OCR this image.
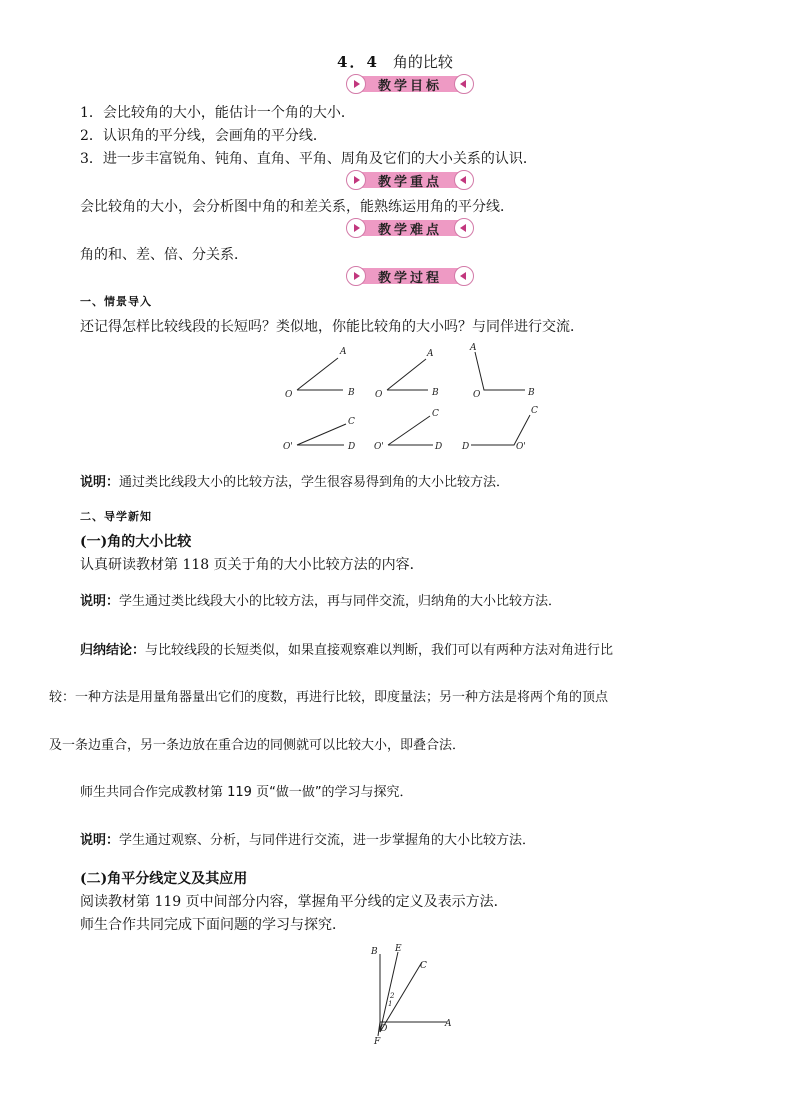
4．4 角的比较
教学目标
1．会比较角的大小，能估计一个角的大小．
2．认识角的平分线，会画角的平分线．
3．进一步丰富锐角、钝角、直角、平角、周角及它们的大小关系的认识．
教学重点
会比较角的大小，会分析图中角的和差关系，能熟练运用角的平分线．
教学难点
角的和、差、倍、分关系．
教学过程
一、情景导入
还记得怎样比较线段的长短吗？类似地，你能比较角的大小吗？与同伴进行交流．
A
B
O
A
B
O
A
B
O
C
D
O'
C
O'	D
C
D	O'
说明：通过类比线段大小的比较方法，学生很容易得到角的大小比较方法．
二、导学新知
(一)角的大小比较
认真研读教材第 118 页关于角的大小比较方法的内容．
说明：学生通过类比线段大小的比较方法，再与同伴交流，归纳角的大小比较方法．
归纳结论：与比较线段的长短类似，如果直接观察难以判断，我们可以有两种方法对角进行比
较：一种方法是用量角器量出它们的度数，再进行比较，即度量法；另一种方法是将两个角的顶点
及一条边重合，另一条边放在重合边的同侧就可以比较大小，即叠合法．
师生共同合作完成教材第 119 页“做一做”的学习与探究．
说明：学生通过观察、分析，与同伴进行交流，进一步掌握角的大小比较方法．
(二)角平分线定义及其应用
阅读教材第 119 页中间部分内容，掌握角平分线的定义及表示方法．
师生合作共同完成下面问题的学习与探究．
B E
C
A
O
F
2
1
